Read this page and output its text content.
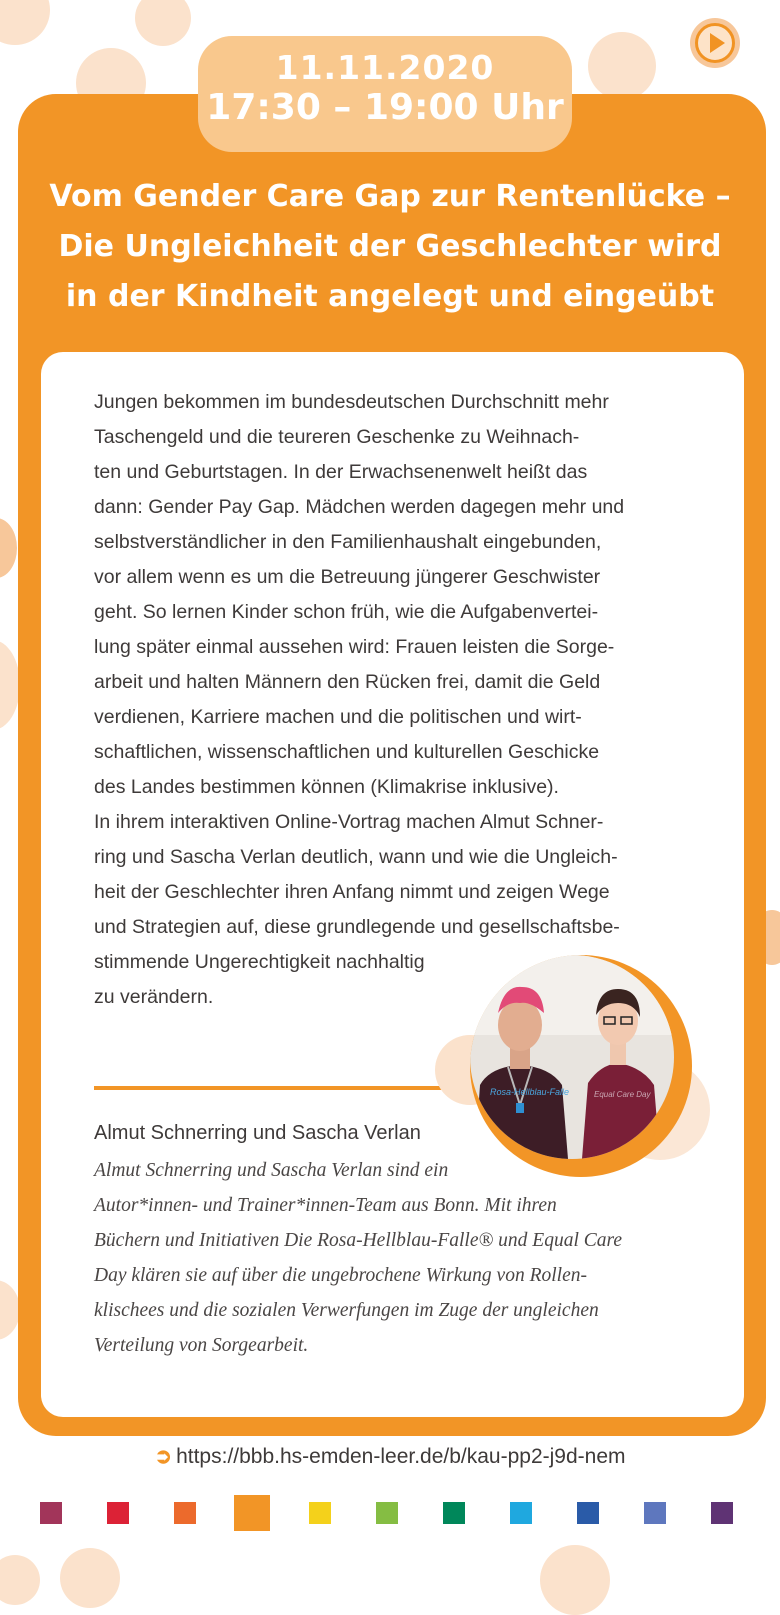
11.11.2020
17:30 – 19:00 Uhr
Vom Gender Care Gap zur Rentenlücke –
Die Ungleichheit der Geschlechter wird
in der Kindheit angelegt und eingeübt

Jungen bekommen im bundesdeutschen Durchschnitt mehr
Taschengeld und die teureren Geschenke zu Weihnach-
ten und Geburtstagen. In der Erwachsenenwelt heißt das
dann: Gender Pay Gap. Mädchen werden dagegen mehr und
selbstverständlicher in den Familienhaushalt eingebunden,
vor allem wenn es um die Betreuung jüngerer Geschwister
geht. So lernen Kinder schon früh, wie die Aufgabenvertei-
lung später einmal aussehen wird: Frauen leisten die Sorge-
arbeit und halten Männern den Rücken frei, damit die Geld
verdienen, Karriere machen und die politischen und wirt-
schaftlichen, wissenschaftlichen und kulturellen Geschicke
des Landes bestimmen können (Klimakrise inklusive).
In ihrem interaktiven Online-Vortrag machen Almut Schner-
ring und Sascha Verlan deutlich, wann und wie die Ungleich-
heit der Geschlechter ihren Anfang nimmt und zeigen Wege
und Strategien auf, diese grundlegende und gesellschaftsbe-
stimmende Ungerechtigkeit nachhaltig
zu verändern.

Rosa-Hellblau-Falle	Equal Care Day
Almut Schnerring und Sascha Verlan

Almut Schnerring und Sascha Verlan sind ein
Autor*innen- und Trainer*innen-Team aus Bonn. Mit ihren
Büchern und Initiativen Die Rosa-Hellblau-Falle® und Equal Care
Day klären sie auf über die ungebrochene Wirkung von Rollen-
klischees und die sozialen Verwerfungen im Zuge der ungleichen
Verteilung von Sorgearbeit.

➲ https://bbb.hs-emden-leer.de/b/kau-pp2-j9d-nem
